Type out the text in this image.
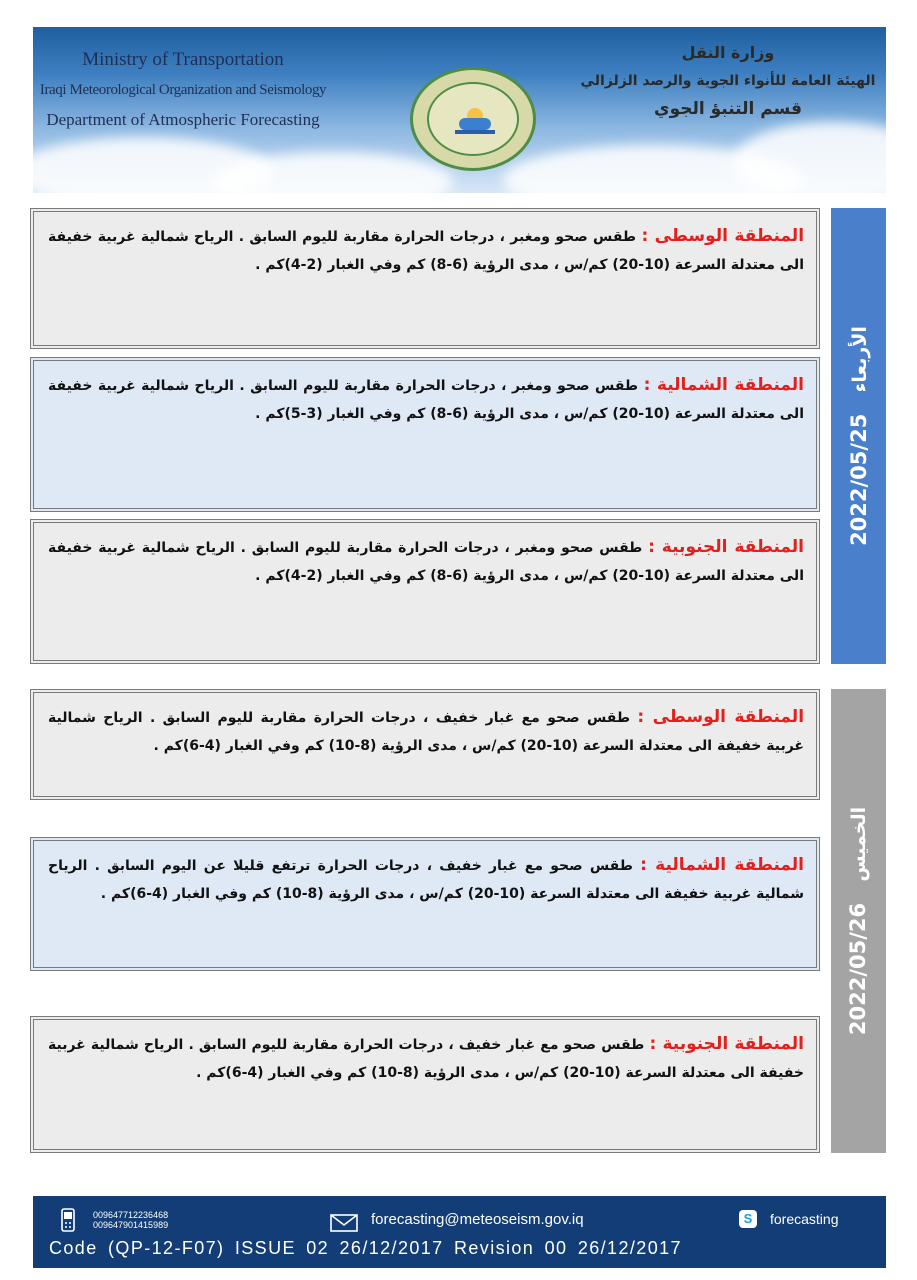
Ministry of Transportation
Iraqi Meteorological Organization and Seismology
Department of Atmospheric Forecasting
وزارة النقل
الهيئة العامة للأنواء الجوية والرصد الزلزالي
قسم التنبؤ الجوي
المنطقة الوسطى : طقس صحو ومغبر ، درجات الحرارة مقاربة لليوم السابق . الرياح شمالية غربية خفيفة الى معتدلة السرعة (10-20) كم/س ، مدى الرؤية (6-8) كم وفي الغبار (2-4)كم .
المنطقة الشمالية : طقس صحو ومغبر ، درجات الحرارة مقاربة لليوم السابق . الرياح شمالية غربية خفيفة الى معتدلة السرعة (10-20) كم/س ، مدى الرؤية (6-8) كم وفي الغبار (3-5)كم .
المنطقة الجنوبية : طقس صحو ومغبر ، درجات الحرارة مقاربة لليوم السابق . الرياح شمالية غربية خفيفة الى معتدلة السرعة (10-20) كم/س ، مدى الرؤية (6-8) كم وفي الغبار (2-4)كم .
2022/05/25 الأربعاء
المنطقة الوسطى : طقس صحو مع غبار خفيف ، درجات الحرارة مقاربة لليوم السابق . الرياح شمالية غربية خفيفة الى معتدلة السرعة (10-20) كم/س ، مدى الرؤية (8-10) كم وفي الغبار (4-6)كم .
المنطقة الشمالية : طقس صحو مع غبار خفيف ، درجات الحرارة ترتفع قليلا عن اليوم السابق . الرياح شمالية غربية خفيفة الى معتدلة السرعة (10-20) كم/س ، مدى الرؤية (8-10) كم وفي الغبار (4-6)كم .
المنطقة الجنوبية : طقس صحو مع غبار خفيف ، درجات الحرارة مقاربة لليوم السابق . الرياح شمالية غربية خفيفة الى معتدلة السرعة (10-20) كم/س ، مدى الرؤية (8-10) كم وفي الغبار (4-6)كم .
2022/05/26 الخميس
009647712236468
009647901415989	forecasting@meteoseism.gov.iq	S	forecasting
Code (QP-12-F07) ISSUE 02 26/12/2017 Revision 00 26/12/2017
